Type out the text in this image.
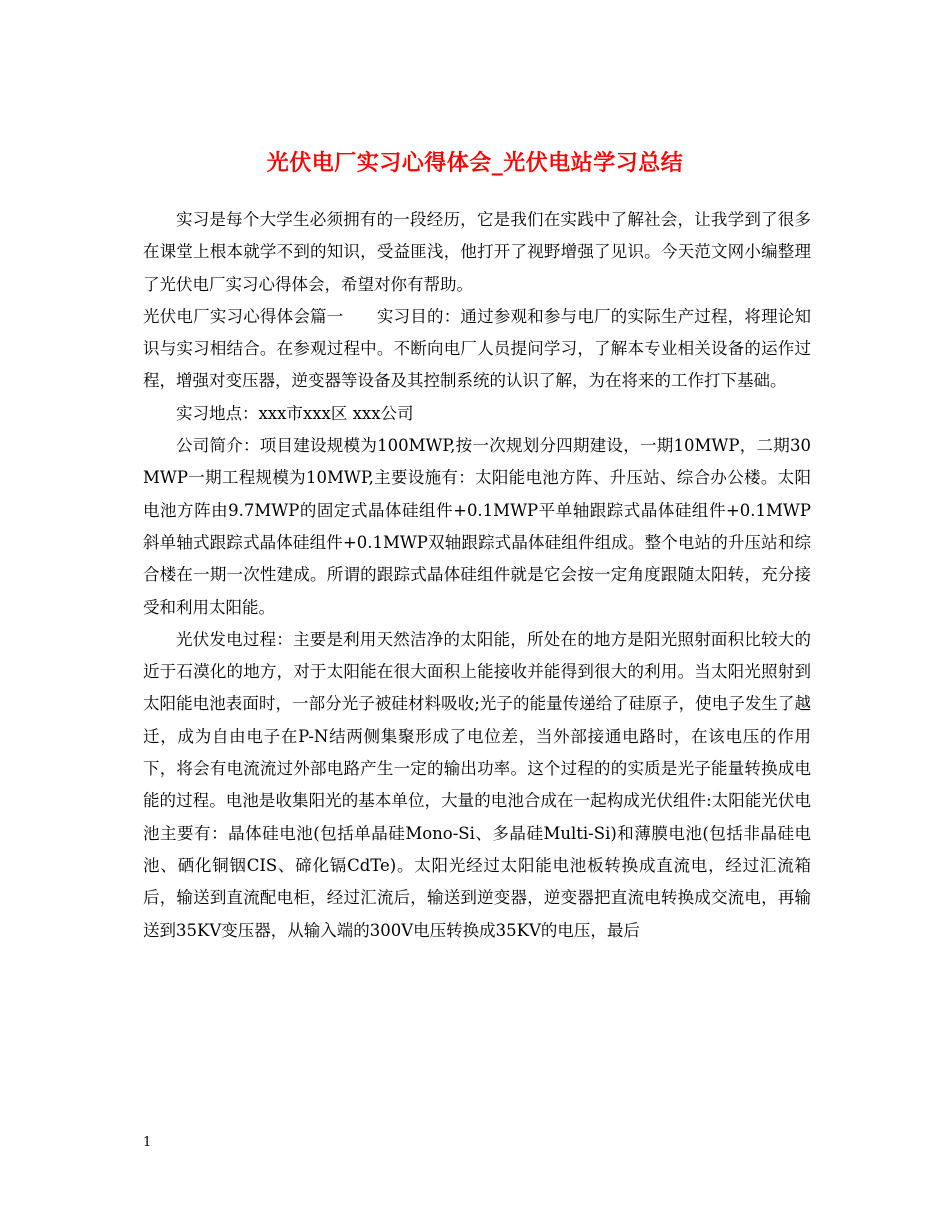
光伏电厂实习心得体会_光伏电站学习总结

实习是每个大学生必须拥有的一段经历，它是我们在实践中了解社会，让我学到了很多在课堂上根本就学不到的知识，受益匪浅，他打开了视野增强了见识。今天范文网小编整理了光伏电厂实习心得体会，希望对你有帮助。

光伏电厂实习心得体会篇一　　实习目的：通过参观和参与电厂的实际生产过程，将理论知识与实习相结合。在参观过程中。不断向电厂人员提问学习，了解本专业相关设备的运作过程，增强对变压器，逆变器等设备及其控制系统的认识了解，为在将来的工作打下基础。

实习地点：xxx市xxx区 xxx公司

公司简介：项目建设规模为100MWP,按一次规划分四期建设，一期10MWP，二期30MWP一期工程规模为10MWP,主要设施有：太阳能电池方阵、升压站、综合办公楼。太阳电池方阵由9.7MWP的固定式晶体硅组件+0.1MWP平单轴跟踪式晶体硅组件+0.1MWP斜单轴式跟踪式晶体硅组件+0.1MWP双轴跟踪式晶体硅组件组成。整个电站的升压站和综合楼在一期一次性建成。所谓的跟踪式晶体硅组件就是它会按一定角度跟随太阳转，充分接受和利用太阳能。

光伏发电过程：主要是利用天然洁净的太阳能，所处在的地方是阳光照射面积比较大的近于石漠化的地方，对于太阳能在很大面积上能接收并能得到很大的利用。当太阳光照射到太阳能电池表面时，一部分光子被硅材料吸收;光子的能量传递给了硅原子，使电子发生了越迁，成为自由电子在P-N结两侧集聚形成了电位差，当外部接通电路时，在该电压的作用下，将会有电流流过外部电路产生一定的输出功率。这个过程的的实质是光子能量转换成电能的过程。电池是收集阳光的基本单位，大量的电池合成在一起构成光伏组件:太阳能光伏电池主要有：晶体硅电池(包括单晶硅Mono-Si、多晶硅Multi-Si)和薄膜电池(包括非晶硅电池、硒化铜铟CIS、碲化镉CdTe)。太阳光经过太阳能电池板转换成直流电，经过汇流箱后，输送到直流配电柜，经过汇流后，输送到逆变器，逆变器把直流电转换成交流电，再输送到35KV变压器，从输入端的300V电压转换成35KV的电压，最后

1
